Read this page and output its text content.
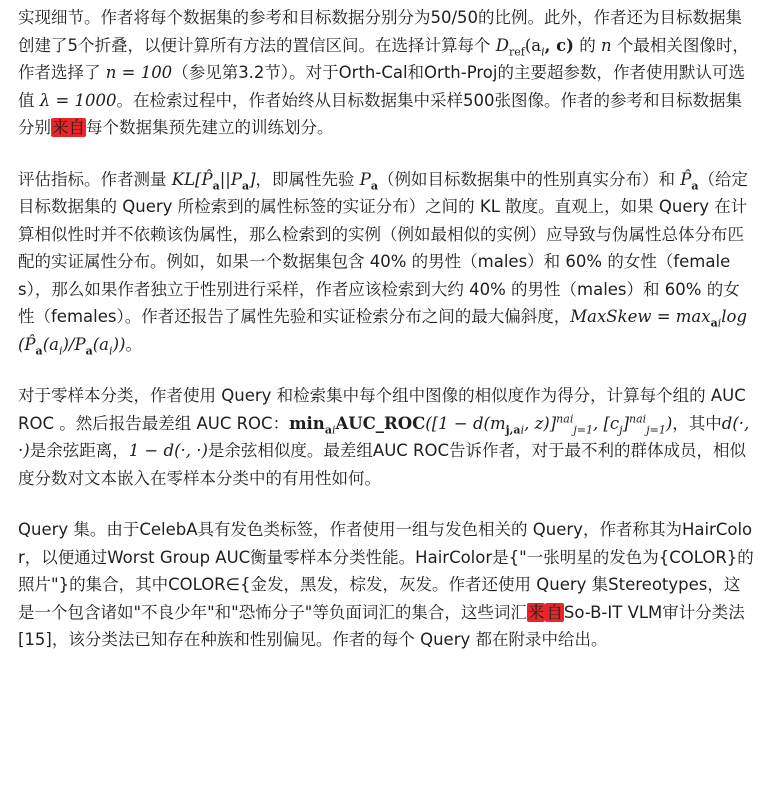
实现细节。作者将每个数据集的参考和目标数据分别分为50/50的比例。此外，作者还为目标数据集创建了5个折叠，以便计算所有方法的置信区间。在选择计算每个 $D_{ref}(a_i$, c) 的 n 个最相关图像时，作者选择了 n = 100（参见第3.2节）。对于Orth-Cal和Orth-Proj的主要超参数，作者使用默认可选值 λ = 1000。在检索过程中，作者始终从目标数据集中采样500张图像。作者的参考和目标数据集分别来自每个数据集预先建立的训练划分。

评估指标。作者测量 $KL[P̂_a||P_a]$，即属性先验 $P_a$（例如目标数据集中的性别真实分布）和 $P̂_a$（给定目标数据集的 Query 所检索到的属性标签的实证分布）之间的 KL 散度。直观上，如果 Query 在计算相似性时并不依赖该伪属性，那么检索到的实例（例如最相似的实例）应导致与伪属性总体分布匹配的实证属性分布。例如，如果一个数据集包含 40% 的男性（males）和 60% 的女性（females），那么如果作者独立于性别进行采样，作者应该检索到大约 40% 的男性（males）和 60% 的女性（females）。作者还报告了属性先验和实证检索分布之间的最大偏斜度，MaxSkew = $\max_{ai}\log(P̂_a(a_i)/P_a(a_i))$。

对于零样本分类，作者使用 Query 和检索集中每个组中图像的相似度作为得分，计算每个组的 AUC ROC 。然后报告最差组 AUC ROC：$\min_{ai}AUC\_ROC([1 - d(m_{j,ai}$, z)]$^{nai}_{j=1}$, $[c_j]^{nai}_{j=1}$)，其中d(·, ·)是余弦距离，1 − d(·, ·)是余弦相似度。最差组AUC ROC告诉作者，对于最不利的群体成员，相似度分数对文本嵌入在零样本分类中的有用性如何。

Query 集。由于CelebA具有发色类标签，作者使用一组与发色相关的 Query，作者称其为HairColor，以便通过Worst Group AUC衡量零样本分类性能。HairColor是{"一张明星的发色为{COLOR}的照片"}的集合，其中COLOR∈{金发，黑发，棕发，灰发。作者还使用 Query 集Stereotypes，这是一个包含诸如"不良少年"和"恐怖分子"等负面词汇的集合，这些词汇来 自So-B-IT VLM审计分类法[15]，该分类法已知存在种族和性别偏见。作者的每个 Query 都在附录中给出。
